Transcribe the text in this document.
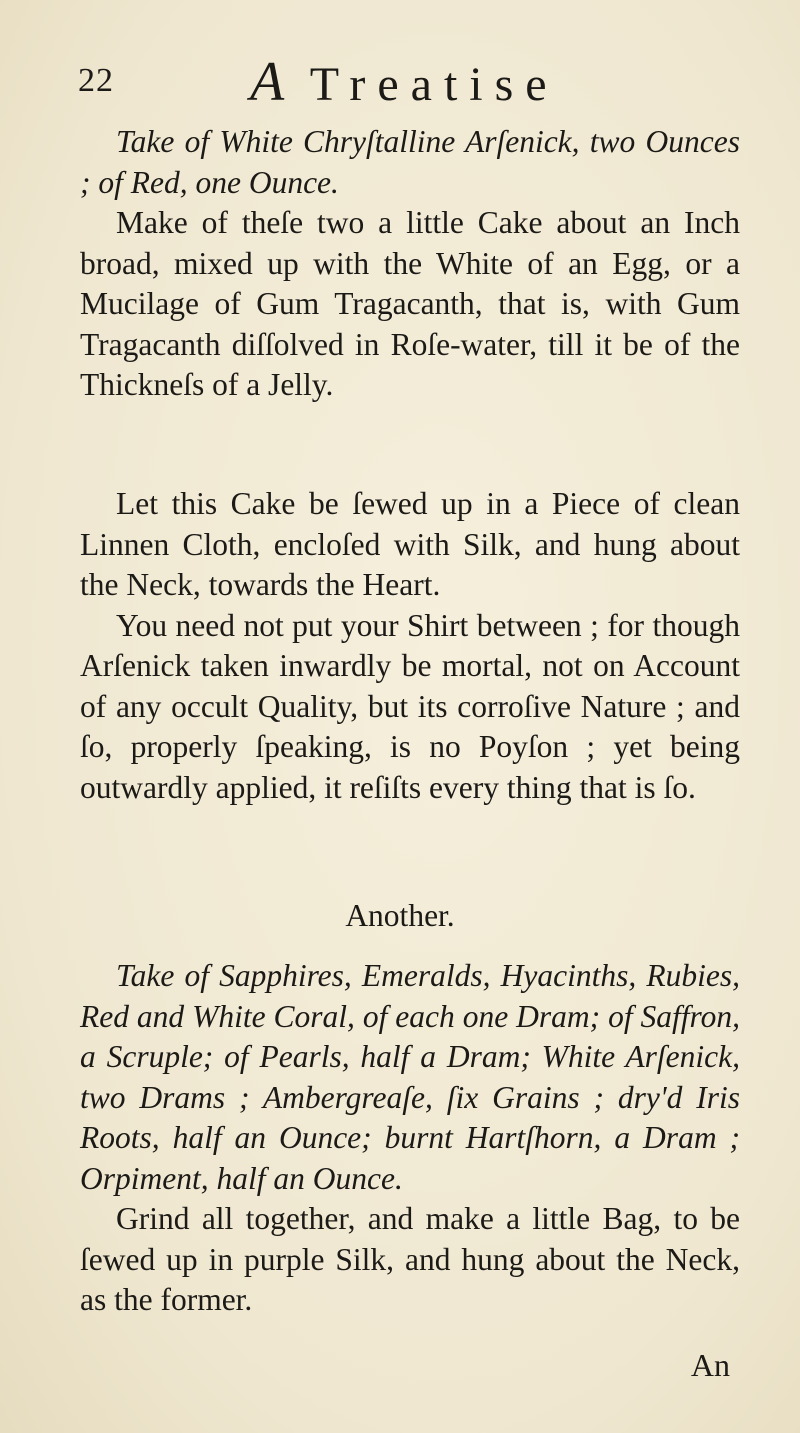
22 A Treatise

Take of White Chryſtalline Arſenick, two Ounces ; of Red, one Ounce.

Make of theſe two a little Cake about an Inch broad, mixed up with the White of an Egg, or a Mucilage of Gum Tragacanth, that is, with Gum Tragacanth diſſolved in Roſe-water, till it be of the Thickneſs of a Jelly.

Let this Cake be ſewed up in a Piece of clean Linnen Cloth, encloſed with Silk, and hung about the Neck, towards the Heart.

You need not put your Shirt between ; for though Arſenick taken inwardly be mortal, not on Account of any occult Quality, but its corroſive Nature ; and ſo, properly ſpeaking, is no Poyſon ; yet being outwardly applied, it reſiſts every thing that is ſo.

Another.

Take of Sapphires, Emeralds, Hyacinths, Rubies, Red and White Coral, of each one Dram; of Saffron, a Scruple; of Pearls, half a Dram; White Arſenick, two Drams ; Ambergreaſe, ſix Grains ; dry'd Iris Roots, half an Ounce; burnt Hartſhorn, a Dram ; Orpiment, half an Ounce.

Grind all together, and make a little Bag, to be ſewed up in purple Silk, and hung about the Neck, as the former.

An
